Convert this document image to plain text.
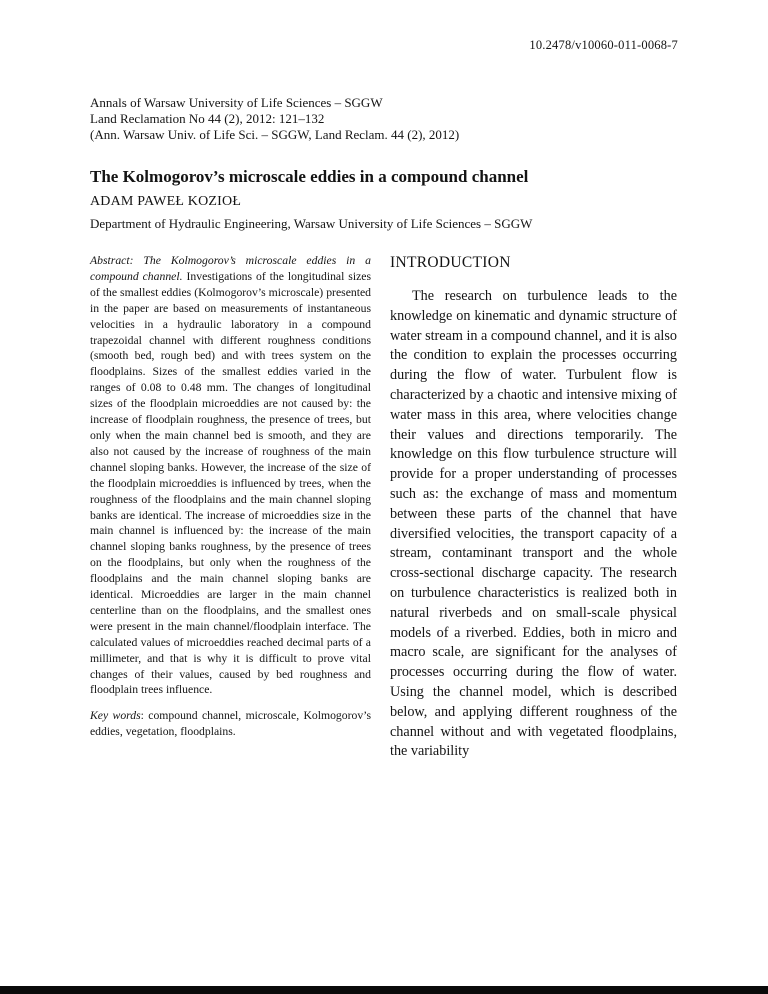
10.2478/v10060-011-0068-7
Annals of Warsaw University of Life Sciences – SGGW
Land Reclamation No 44 (2), 2012: 121–132
(Ann. Warsaw Univ. of Life Sci. – SGGW, Land Reclam. 44 (2), 2012)
The Kolmogorov’s microscale eddies in a compound channel
ADAM PAWEŁ KOZIOŁ
Department of Hydraulic Engineering, Warsaw University of Life Sciences – SGGW

Abstract: The Kolmogorov’s microscale eddies in a compound channel. Investigations of the longitudinal sizes of the smallest eddies (Kolmogorov’s microscale) presented in the paper are based on measurements of instantaneous velocities in a hydraulic laboratory in a compound trapezoidal channel with different roughness conditions (smooth bed, rough bed) and with trees system on the floodplains. Sizes of the smallest eddies varied in the ranges of 0.08 to 0.48 mm. The changes of longitudinal sizes of the floodplain microeddies are not caused by: the increase of floodplain roughness, the presence of trees, but only when the main channel bed is smooth, and they are also not caused by the increase of roughness of the main channel sloping banks. However, the increase of the size of the floodplain microeddies is influenced by trees, when the roughness of the floodplains and the main channel sloping banks are identical. The increase of microeddies size in the main channel is influenced by: the increase of the main channel sloping banks roughness, by the presence of trees on the floodplains, but only when the roughness of the floodplains and the main channel sloping banks are identical. Microeddies are larger in the main channel centerline than on the floodplains, and the smallest ones were present in the main channel/floodplain interface. The calculated values of microeddies reached decimal parts of a millimeter, and that is why it is difficult to prove vital changes of their values, caused by bed roughness and floodplain trees influence.

Key words: compound channel, microscale, Kolmogorov’s eddies, vegetation, floodplains.

INTRODUCTION

The research on turbulence leads to the knowledge on kinematic and dynamic structure of water stream in a compound channel, and it is also the condition to explain the processes occurring during the flow of water. Turbulent flow is characterized by a chaotic and intensive mixing of water mass in this area, where velocities change their values and directions temporarily. The knowledge on this flow turbulence structure will provide for a proper understanding of processes such as: the exchange of mass and momentum between these parts of the channel that have diversified velocities, the transport capacity of a stream, contaminant transport and the whole cross-sectional discharge capacity. The research on turbulence characteristics is realized both in natural riverbeds and on small-scale physical models of a riverbed. Eddies, both in micro and macro scale, are significant for the analyses of processes occurring during the flow of water. Using the channel model, which is described below, and applying different roughness of the channel without and with vegetated floodplains, the variability
